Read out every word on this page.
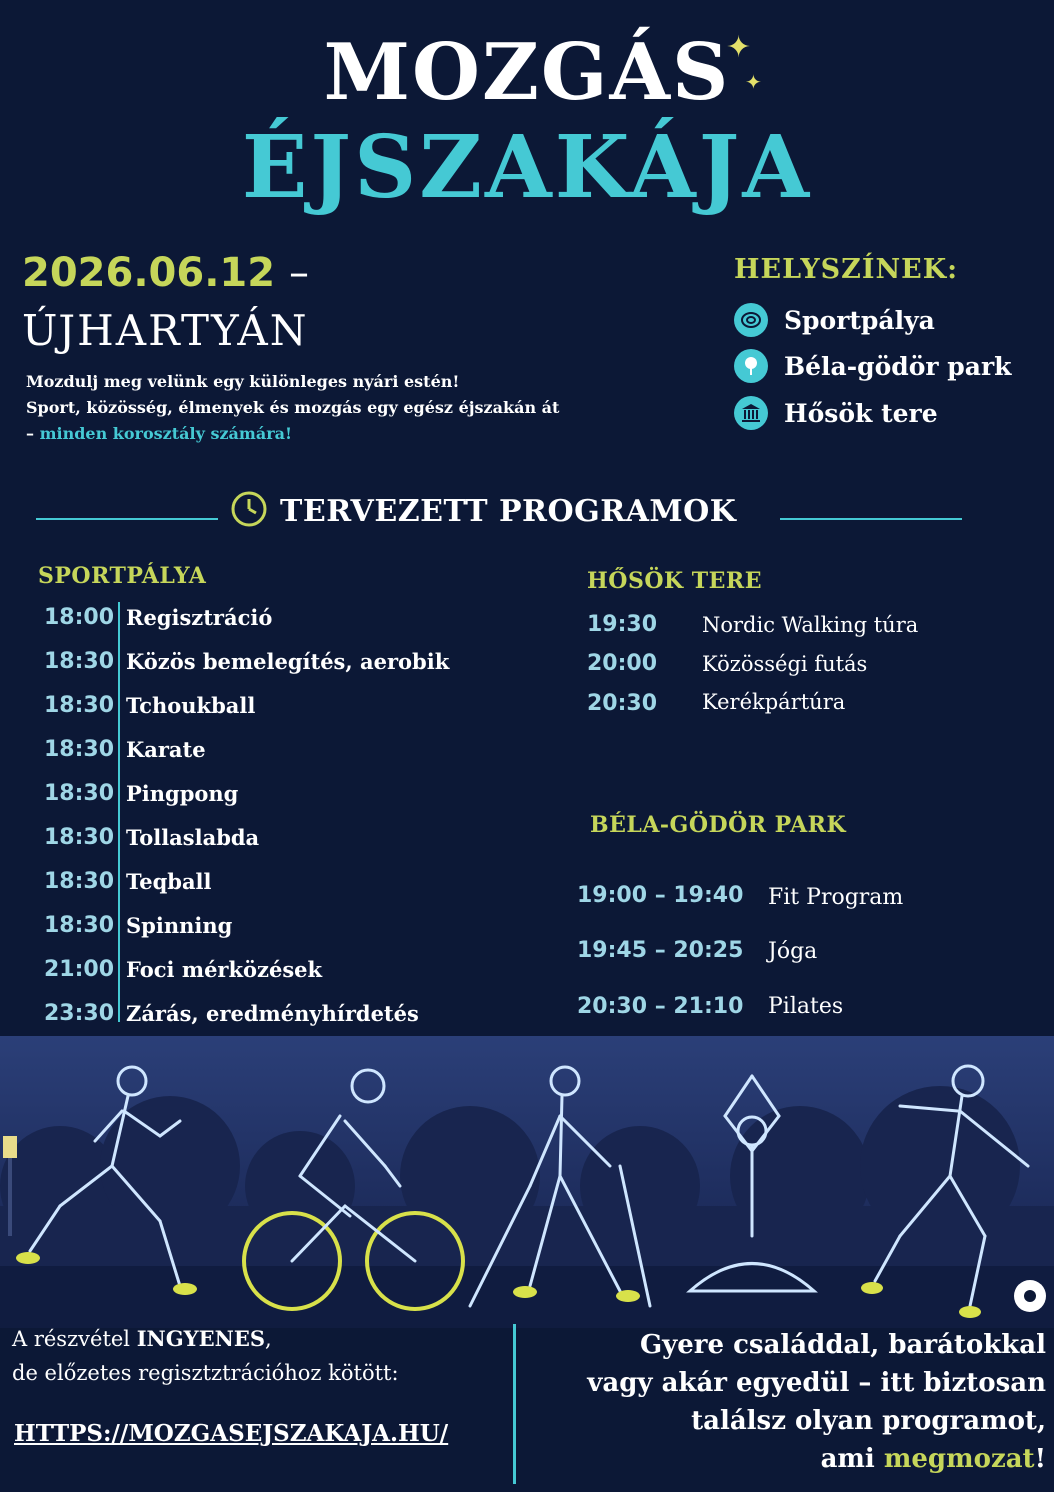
MOZGÁS
✦
✦
ÉJSZAKÁJA
2026.06.12 –
ÚJHARTYÁN
Mozdulj meg velünk egy különleges nyári estén!
Sport, közösség, élmenyek és mozgás egy egész éjszakán át
– minden korosztály számára!
HELYSZÍNEK:
Sportpálya
Béla-gödör park
Hősök tere
TERVEZETT PROGRAMOK
SPORTPÁLYA
18:00 Regisztráció
18:30 Közös bemelegítés, aerobik
18:30 Tchoukball
18:30 Karate
18:30 Pingpong
18:30 Tollaslabda
18:30 Teqball
18:30 Spinning
21:00 Foci mérközések
23:30 Zárás, eredményhírdetés
HŐSÖK TERE
19:30 Nordic Walking túra
20:00 Közösségi futás
20:30 Kerékpártúra
BÉLA-GÖDÖR PARK
19:00 – 19:40 Fit Program
19:45 – 20:25 Jóga
20:30 – 21:10 Pilates
A részvétel INGYENES,
de előzetes regisztztrációhoz kötött:
HTTPS://MOZGASEJSZAKAJA.HU/
Gyere családdal, barátokkal
vagy akár egyedül – itt biztosan
találsz olyan programot,
ami megmozat!
